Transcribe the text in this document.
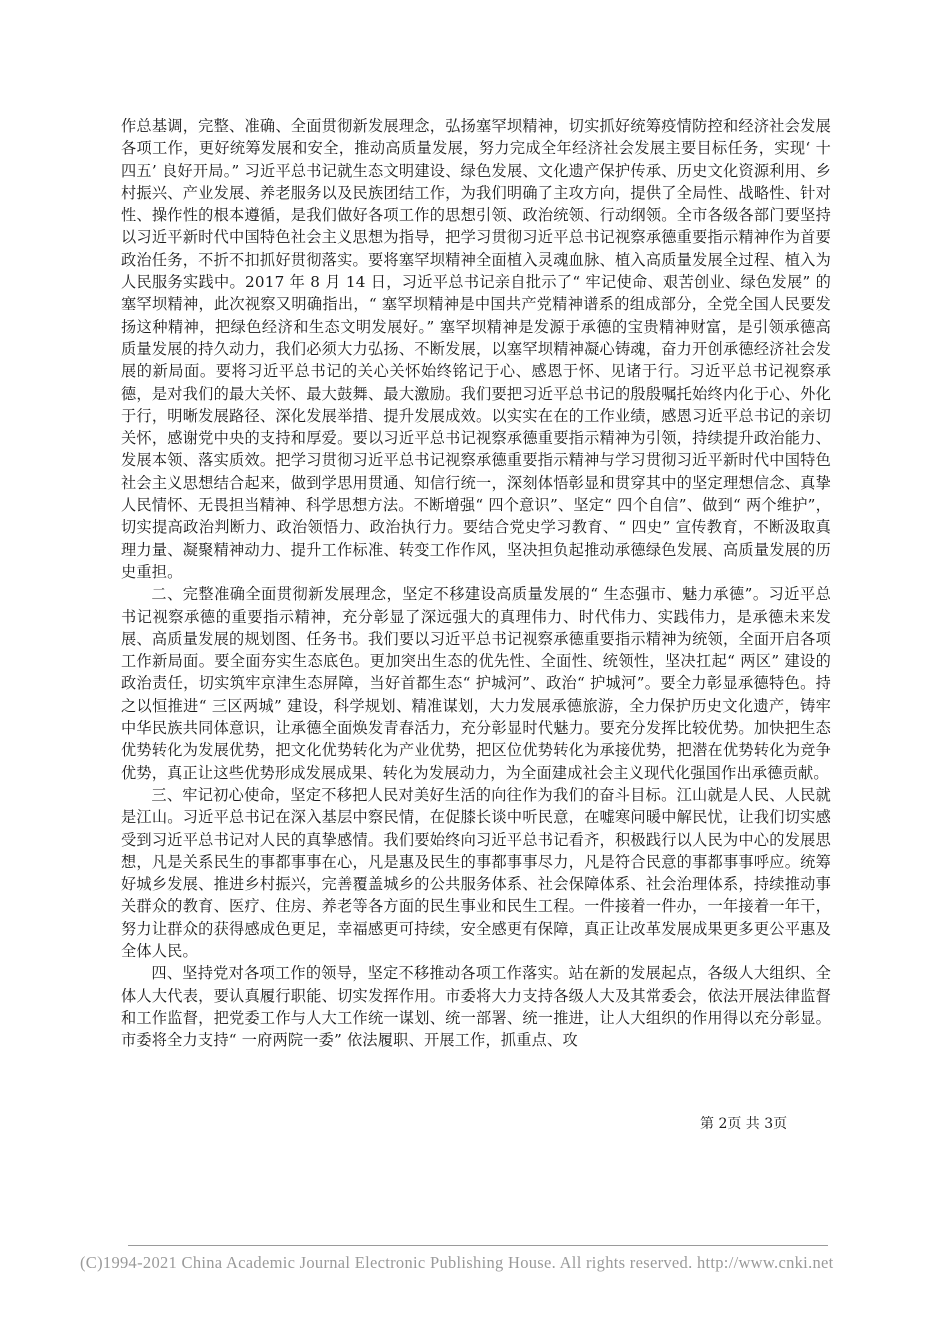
作总基调，完整、准确、全面贯彻新发展理念，弘扬塞罕坝精神，切实抓好统筹疫情防控和经济社会发展各项工作，更好统筹发展和安全，推动高质量发展，努力完成全年经济社会发展主要目标任务，实现‘ 十四五’ 良好开局。” 习近平总书记就生态文明建设、绿色发展、文化遗产保护传承、历史文化资源利用、乡村振兴、产业发展、养老服务以及民族团结工作，为我们明确了主攻方向，提供了全局性、战略性、针对性、操作性的根本遵循，是我们做好各项工作的思想引领、政治统领、行动纲领。全市各级各部门要坚持以习近平新时代中国特色社会主义思想为指导，把学习贯彻习近平总书记视察承德重要指示精神作为首要政治任务，不折不扣抓好贯彻落实。要将塞罕坝精神全面植入灵魂血脉、植入高质量发展全过程、植入为人民服务实践中。2017 年 8 月 14 日，习近平总书记亲自批示了“ 牢记使命、艰苦创业、绿色发展” 的塞罕坝精神，此次视察又明确指出，“ 塞罕坝精神是中国共产党精神谱系的组成部分，全党全国人民要发扬这种精神，把绿色经济和生态文明发展好。” 塞罕坝精神是发源于承德的宝贵精神财富，是引领承德高质量发展的持久动力，我们必须大力弘扬、不断发展，以塞罕坝精神凝心铸魂，奋力开创承德经济社会发展的新局面。要将习近平总书记的关心关怀始终铭记于心、感恩于怀、见诸于行。习近平总书记视察承德，是对我们的最大关怀、最大鼓舞、最大激励。我们要把习近平总书记的殷殷嘱托始终内化于心、外化于行，明晰发展路径、深化发展举措、提升发展成效。以实实在在的工作业绩，感恩习近平总书记的亲切关怀，感谢党中央的支持和厚爱。要以习近平总书记视察承德重要指示精神为引领，持续提升政治能力、发展本领、落实质效。把学习贯彻习近平总书记视察承德重要指示精神与学习贯彻习近平新时代中国特色社会主义思想结合起来，做到学思用贯通、知信行统一，深刻体悟彰显和贯穿其中的坚定理想信念、真挚人民情怀、无畏担当精神、科学思想方法。不断增强“ 四个意识”、坚定“ 四个自信”、做到“ 两个维护”，切实提高政治判断力、政治领悟力、政治执行力。要结合党史学习教育、“ 四史” 宣传教育，不断汲取真理力量、凝聚精神动力、提升工作标准、转变工作作风，坚决担负起推动承德绿色发展、高质量发展的历史重担。

二、完整准确全面贯彻新发展理念，坚定不移建设高质量发展的“ 生态强市、魅力承德”。习近平总书记视察承德的重要指示精神，充分彰显了深远强大的真理伟力、时代伟力、实践伟力，是承德未来发展、高质量发展的规划图、任务书。我们要以习近平总书记视察承德重要指示精神为统领，全面开启各项工作新局面。要全面夯实生态底色。更加突出生态的优先性、全面性、统领性，坚决扛起“ 两区” 建设的政治责任，切实筑牢京津生态屏障，当好首都生态“ 护城河”、政治“ 护城河”。要全力彰显承德特色。持之以恒推进“ 三区两城” 建设，科学规划、精准谋划，大力发展承德旅游，全力保护历史文化遗产，铸牢中华民族共同体意识，让承德全面焕发青春活力，充分彰显时代魅力。要充分发挥比较优势。加快把生态优势转化为发展优势，把文化优势转化为产业优势，把区位优势转化为承接优势，把潜在优势转化为竞争优势，真正让这些优势形成发展成果、转化为发展动力，为全面建成社会主义现代化强国作出承德贡献。

三、牢记初心使命，坚定不移把人民对美好生活的向往作为我们的奋斗目标。江山就是人民、人民就是江山。习近平总书记在深入基层中察民情，在促膝长谈中听民意，在嘘寒问暖中解民忧，让我们切实感受到习近平总书记对人民的真挚感情。我们要始终向习近平总书记看齐，积极践行以人民为中心的发展思想，凡是关系民生的事都事事在心，凡是惠及民生的事都事事尽力，凡是符合民意的事都事事呼应。统筹好城乡发展、推进乡村振兴，完善覆盖城乡的公共服务体系、社会保障体系、社会治理体系，持续推动事关群众的教育、医疗、住房、养老等各方面的民生事业和民生工程。一件接着一件办，一年接着一年干，努力让群众的获得感成色更足，幸福感更可持续，安全感更有保障，真正让改革发展成果更多更公平惠及全体人民。

四、坚持党对各项工作的领导，坚定不移推动各项工作落实。站在新的发展起点，各级人大组织、全体人大代表，要认真履行职能、切实发挥作用。市委将大力支持各级人大及其常委会，依法开展法律监督和工作监督，把党委工作与人大工作统一谋划、统一部署、统一推进，让人大组织的作用得以充分彰显。市委将全力支持“ 一府两院一委” 依法履职、开展工作，抓重点、攻

第 2页 共 3页
(C)1994-2021 China Academic Journal Electronic Publishing House. All rights reserved. http://www.cnki.net
